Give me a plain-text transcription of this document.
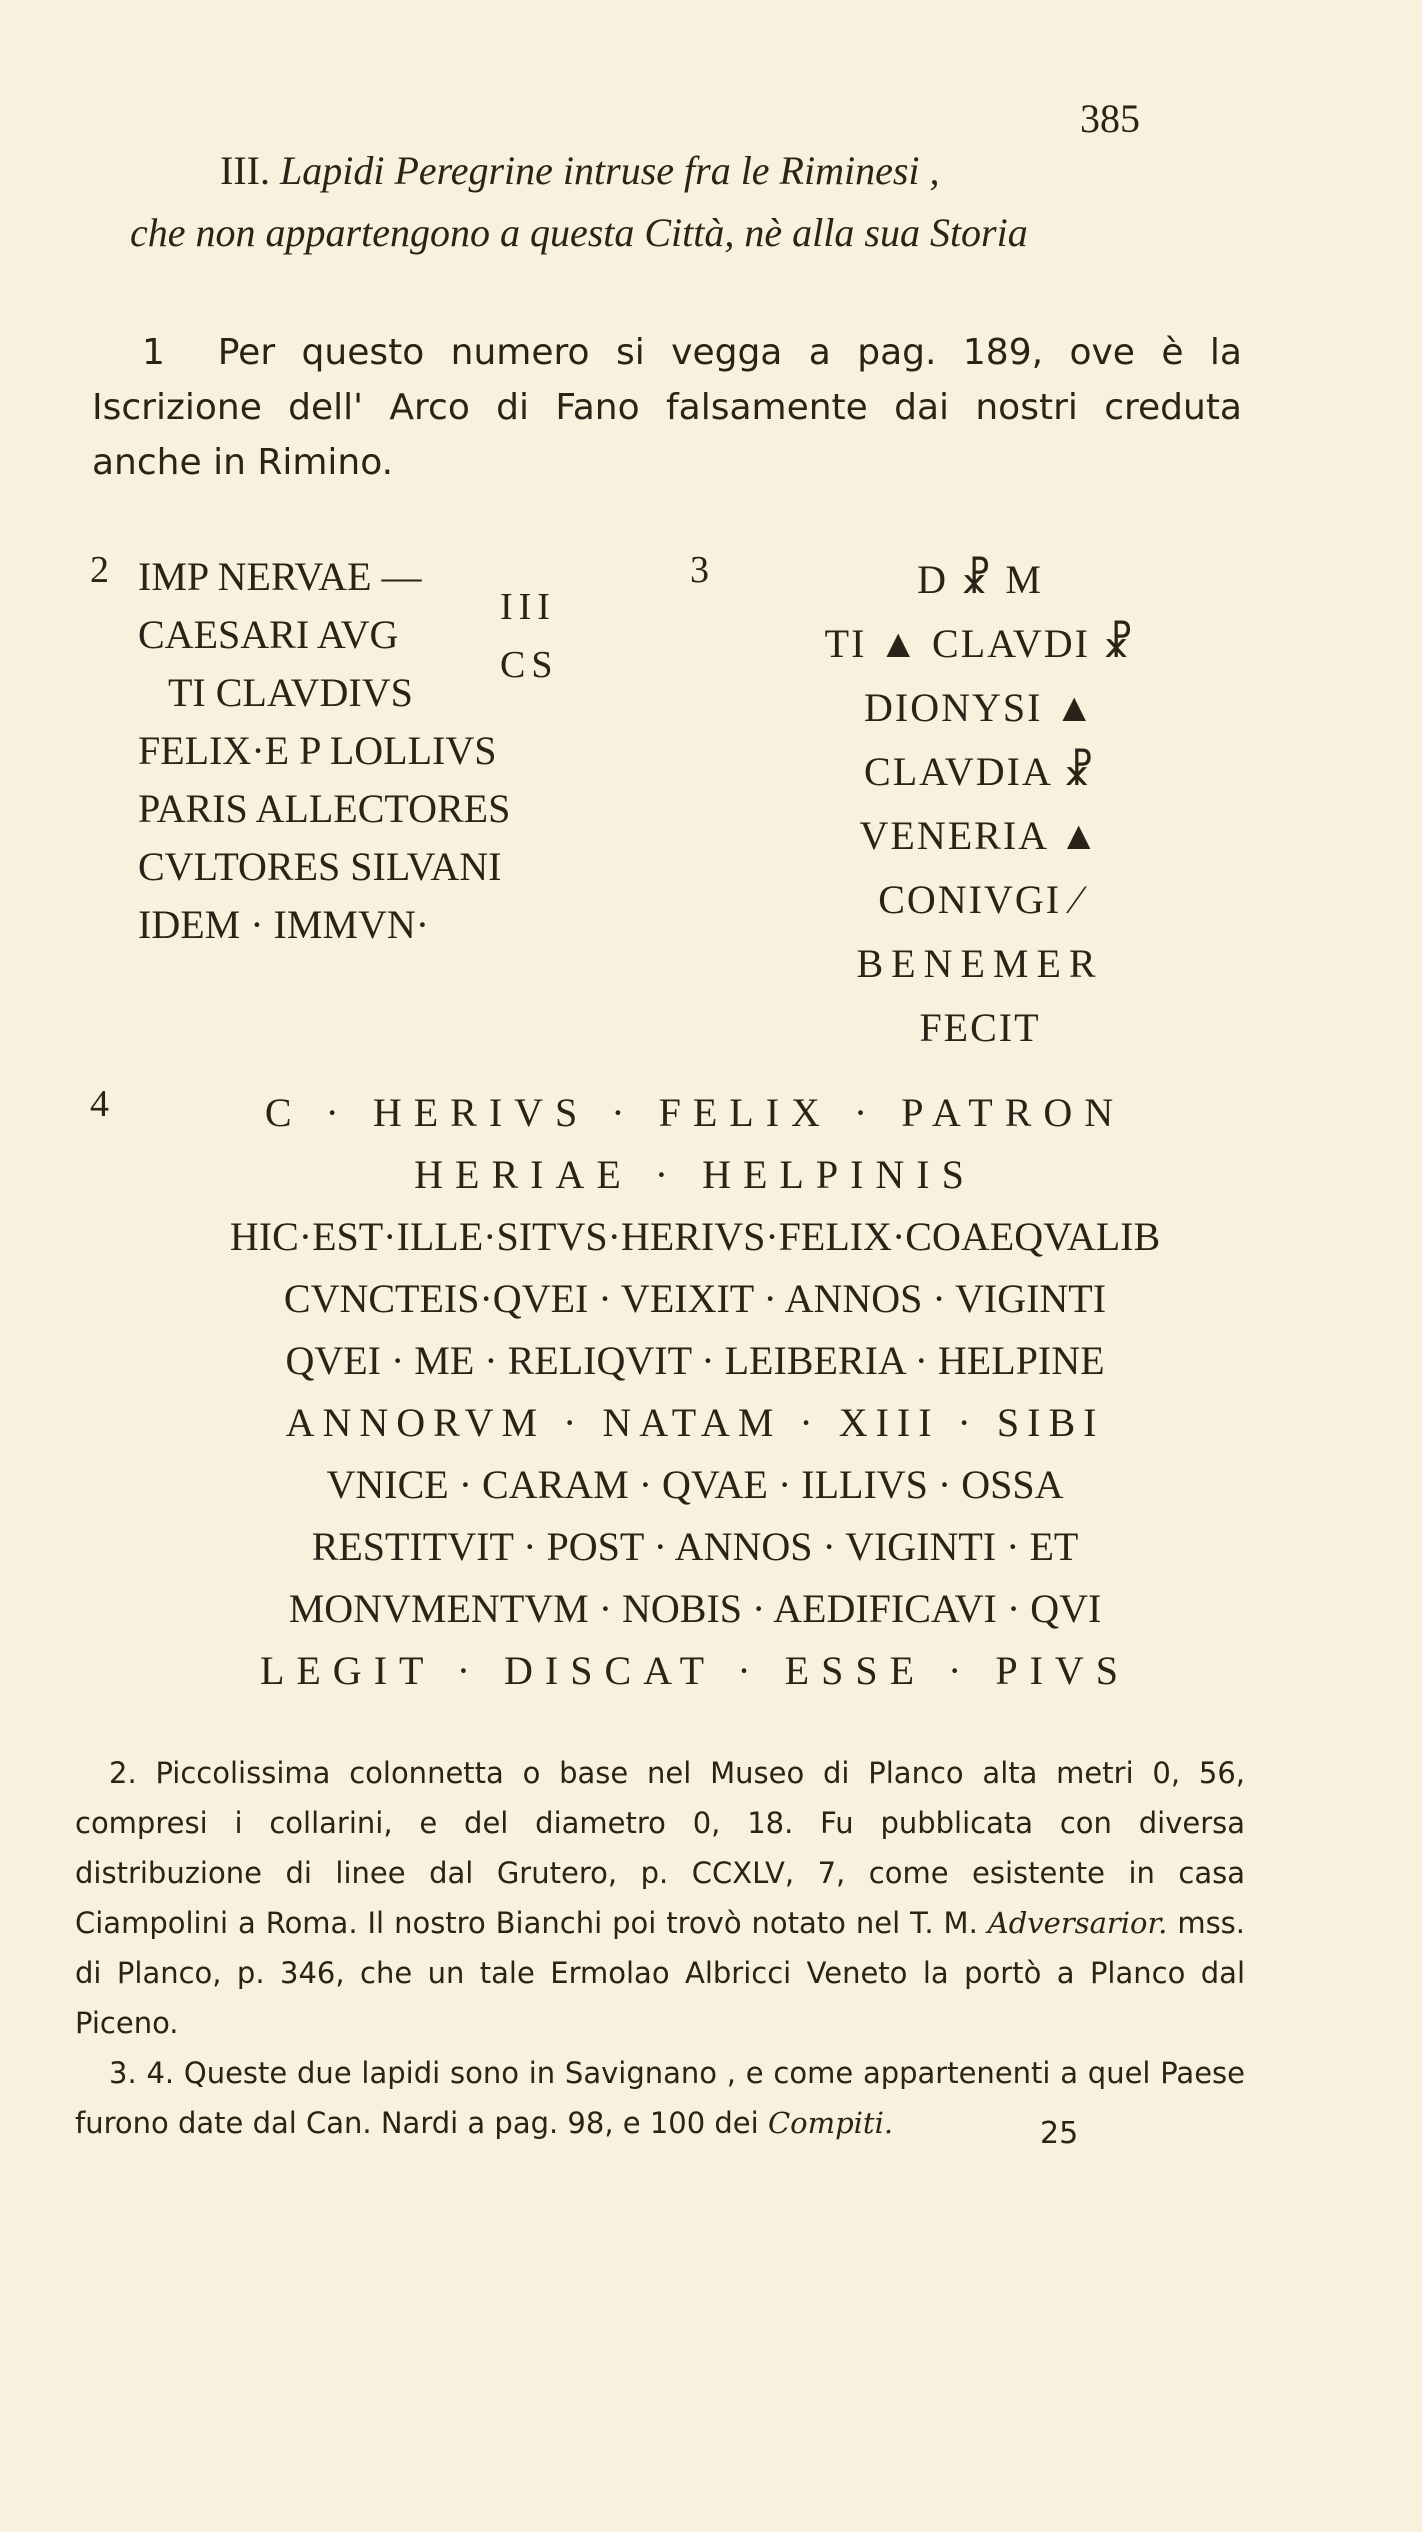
385
III. Lapidi Peregrine intruse fra le Riminesi ,
che non appartengono a questa Città, nè alla sua Storia
1 Per questo numero si vegga a pag. 189, ove è la Iscrizione dell' Arco di Fano falsamente dai nostri creduta anche in Rimino.
2 IMP NERVAE —
CAESARI AVG
TI CLAVDIVS
FELIX·E P LOLLIVS
PARIS ALLECTORES
CVLTORES SILVANI
IDEM · IMMVN·
III CS
3	D ☧ M
TI ▲ CLAVDI ☧
DIONYSI ▲
CLAVDIA ☧
VENERIA ▲
CONIVGI ⁄
BENEMER
FECIT
4	C · HERIVS · FELIX · PATRON
HERIAE · HELPINIS
HIC·EST·ILLE·SITVS·HERIVS·FELIX·COAEQVALIB
CVNCTEIS·QVEI · VEIXIT · ANNOS · VIGINTI
QVEI · ME · RELIQVIT · LEIBERIA · HELPINE
ANNORVM · NATAM · XIII · SIBI
VNICE · CARAM · QVAE · ILLIVS · OSSA
RESTITVIT · POST · ANNOS · VIGINTI · ET
MONVMENTVM · NOBIS · AEDIFICAVI · QVI
LEGIT · DISCAT · ESSE · PIVS

2. Piccolissima colonnetta o base nel Museo di Planco alta metri 0, 56, compresi i collarini, e del diametro 0, 18. Fu pubblicata con diversa distribuzione di linee dal Grutero, p. CCXLV, 7, come esistente in casa Ciampolini a Roma. Il nostro Bianchi poi trovò notato nel T. M. Adversarior. mss. di Planco, p. 346, che un tale Ermolao Albricci Veneto la portò a Planco dal Piceno.

3. 4. Queste due lapidi sono in Savignano , e come appartenenti a quel Paese furono date dal Can. Nardi a pag. 98, e 100 dei Compiti.	25
